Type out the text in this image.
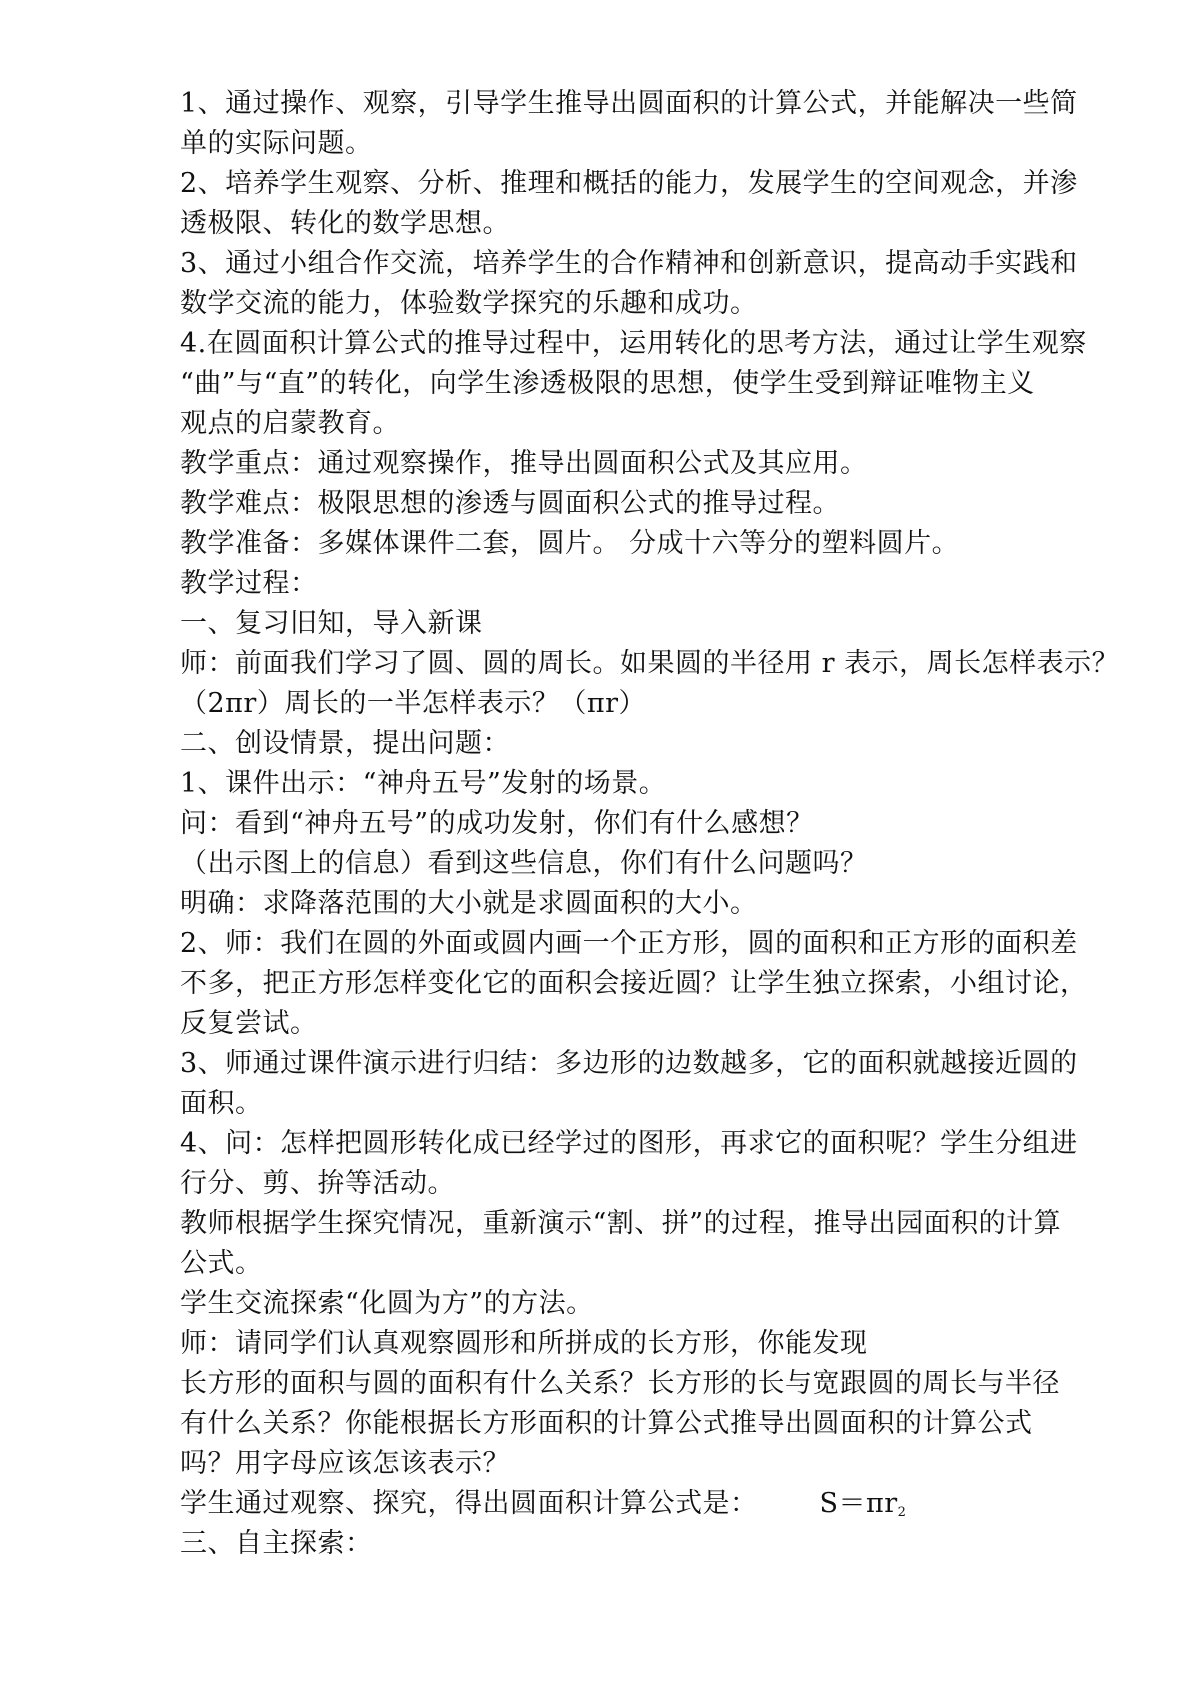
1、通过操作、观察，引导学生推导出圆面积的计算公式，并能解决一些简
单的实际问题。
2、培养学生观察、分析、推理和概括的能力，发展学生的空间观念，并渗
透极限、转化的数学思想。
3、通过小组合作交流，培养学生的合作精神和创新意识，提高动手实践和
数学交流的能力，体验数学探究的乐趣和成功。
4.在圆面积计算公式的推导过程中，运用转化的思考方法，通过让学生观察
“曲”与“直”的转化，向学生渗透极限的思想，使学生受到辩证唯物主义
观点的启蒙教育。
教学重点：通过观察操作，推导出圆面积公式及其应用。
教学难点：极限思想的渗透与圆面积公式的推导过程。
教学准备：多媒体课件二套，圆片。 分成十六等分的塑料圆片。
教学过程：
一、复习旧知，导入新课
师：前面我们学习了圆、圆的周长。如果圆的半径用 r 表示，周长怎样表示？
（2πr）周长的一半怎样表示？（πr）
二、创设情景，提出问题：
1、课件出示：“神舟五号”发射的场景。
问：看到“神舟五号”的成功发射，你们有什么感想？
（出示图上的信息）看到这些信息，你们有什么问题吗？
明确：求降落范围的大小就是求圆面积的大小。
2、师：我们在圆的外面或圆内画一个正方形，圆的面积和正方形的面积差
不多，把正方形怎样变化它的面积会接近圆？让学生独立探索，小组讨论，
反复尝试。
3、师通过课件演示进行归结：多边形的边数越多，它的面积就越接近圆的
面积。
4、问：怎样把圆形转化成已经学过的图形，再求它的面积呢？学生分组进
行分、剪、拚等活动。
教师根据学生探究情况，重新演示“割、拼”的过程，推导出园面积的计算
公式。
学生交流探索“化圆为方”的方法。
师：请同学们认真观察圆形和所拼成的长方形，你能发现
长方形的面积与圆的面积有什么关系？长方形的长与宽跟圆的周长与半径
有什么关系？你能根据长方形面积的计算公式推导出圆面积的计算公式
吗？用字母应该怎该表示？
学生通过观察、探究，得出圆面积计算公式是： S＝πr2
三、自主探索：
